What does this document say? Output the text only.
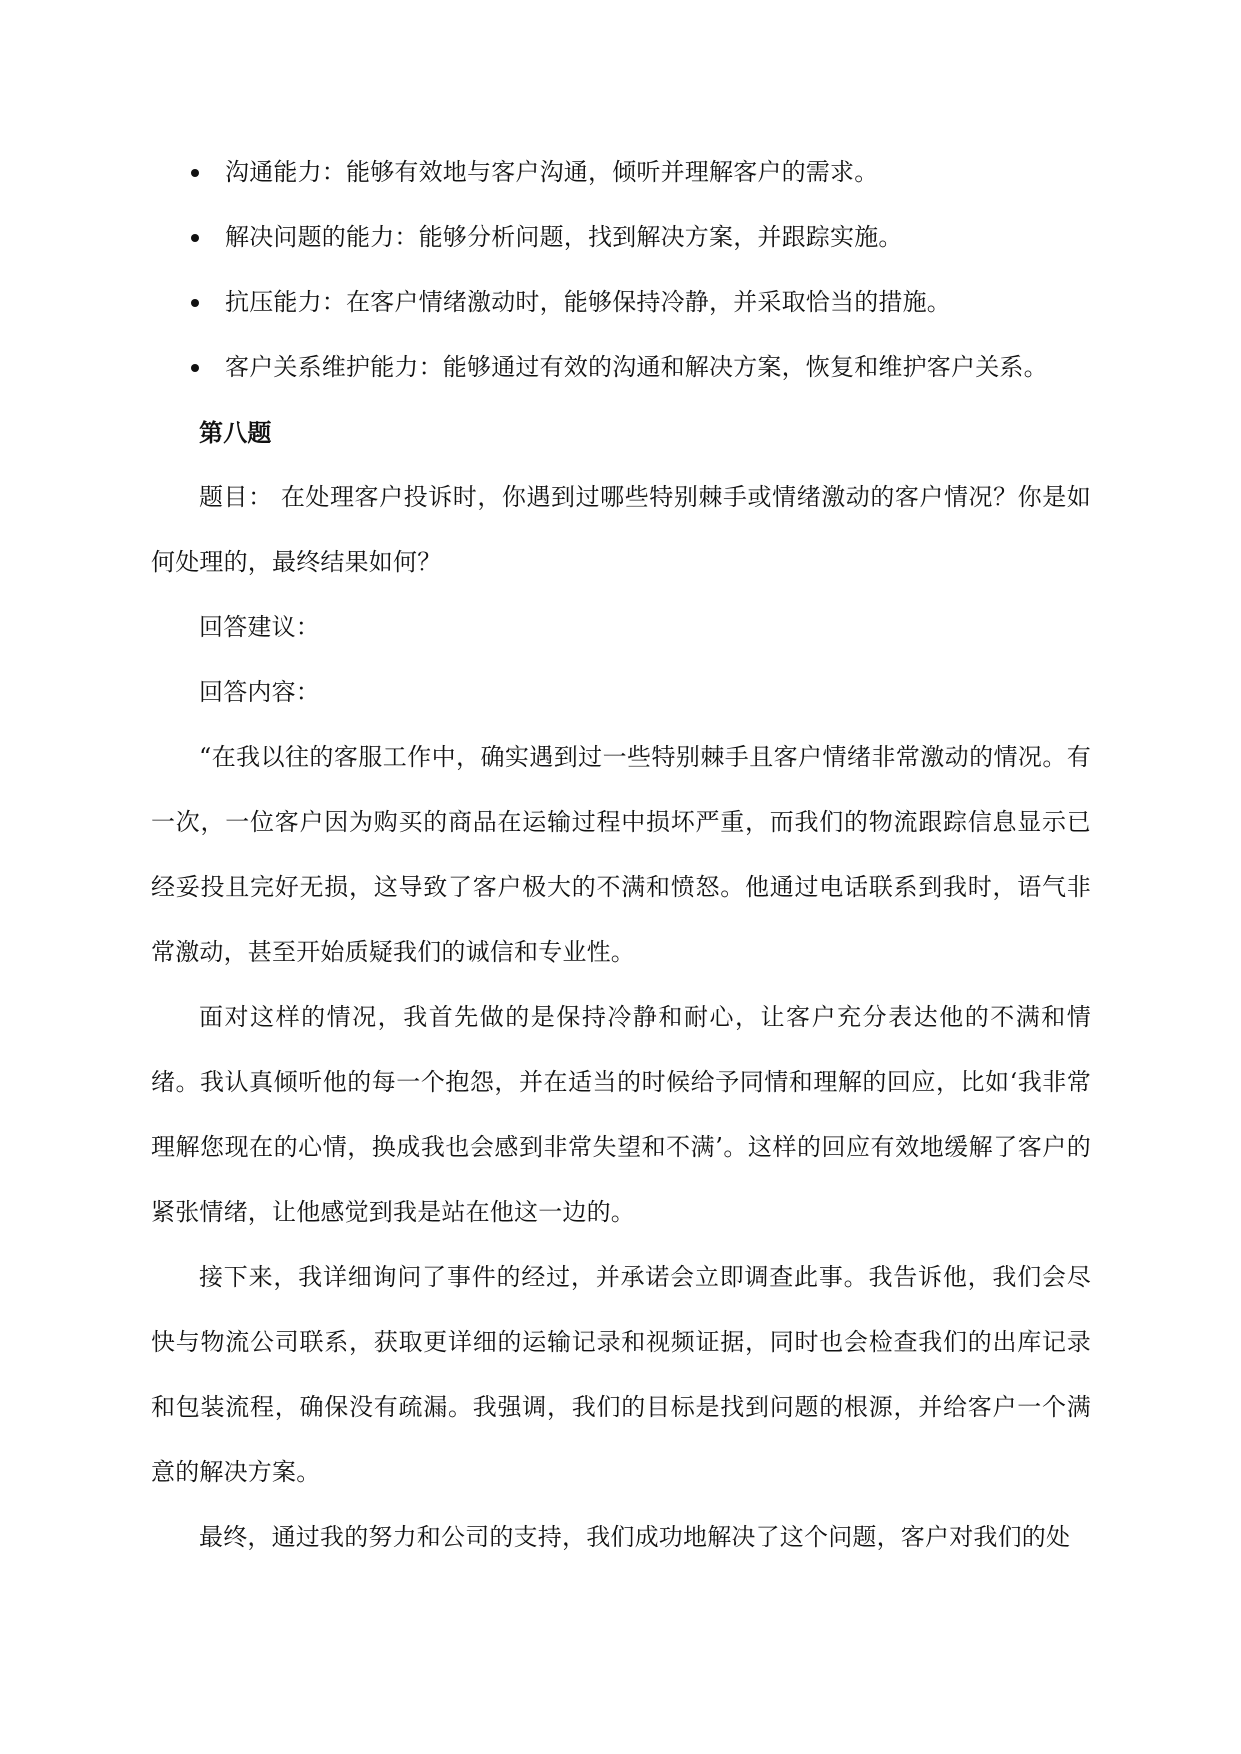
沟通能力：能够有效地与客户沟通，倾听并理解客户的需求。
解决问题的能力：能够分析问题，找到解决方案，并跟踪实施。
抗压能力：在客户情绪激动时，能够保持冷静，并采取恰当的措施。
客户关系维护能力：能够通过有效的沟通和解决方案，恢复和维护客户关系。

第八题

题目： 在处理客户投诉时，你遇到过哪些特别棘手或情绪激动的客户情况？你是如何处理的，最终结果如何？

回答建议：

回答内容：

“在我以往的客服工作中，确实遇到过一些特别棘手且客户情绪非常激动的情况。有一次，一位客户因为购买的商品在运输过程中损坏严重，而我们的物流跟踪信息显示已经妥投且完好无损，这导致了客户极大的不满和愤怒。他通过电话联系到我时，语气非常激动，甚至开始质疑我们的诚信和专业性。

面对这样的情况，我首先做的是保持冷静和耐心，让客户充分表达他的不满和情绪。我认真倾听他的每一个抱怨，并在适当的时候给予同情和理解的回应，比如‘我非常理解您现在的心情，换成我也会感到非常失望和不满’。这样的回应有效地缓解了客户的紧张情绪，让他感觉到我是站在他这一边的。

接下来，我详细询问了事件的经过，并承诺会立即调查此事。我告诉他，我们会尽快与物流公司联系，获取更详细的运输记录和视频证据，同时也会检查我们的出库记录和包装流程，确保没有疏漏。我强调，我们的目标是找到问题的根源，并给客户一个满意的解决方案。

最终，通过我的努力和公司的支持，我们成功地解决了这个问题，客户对我们的处
